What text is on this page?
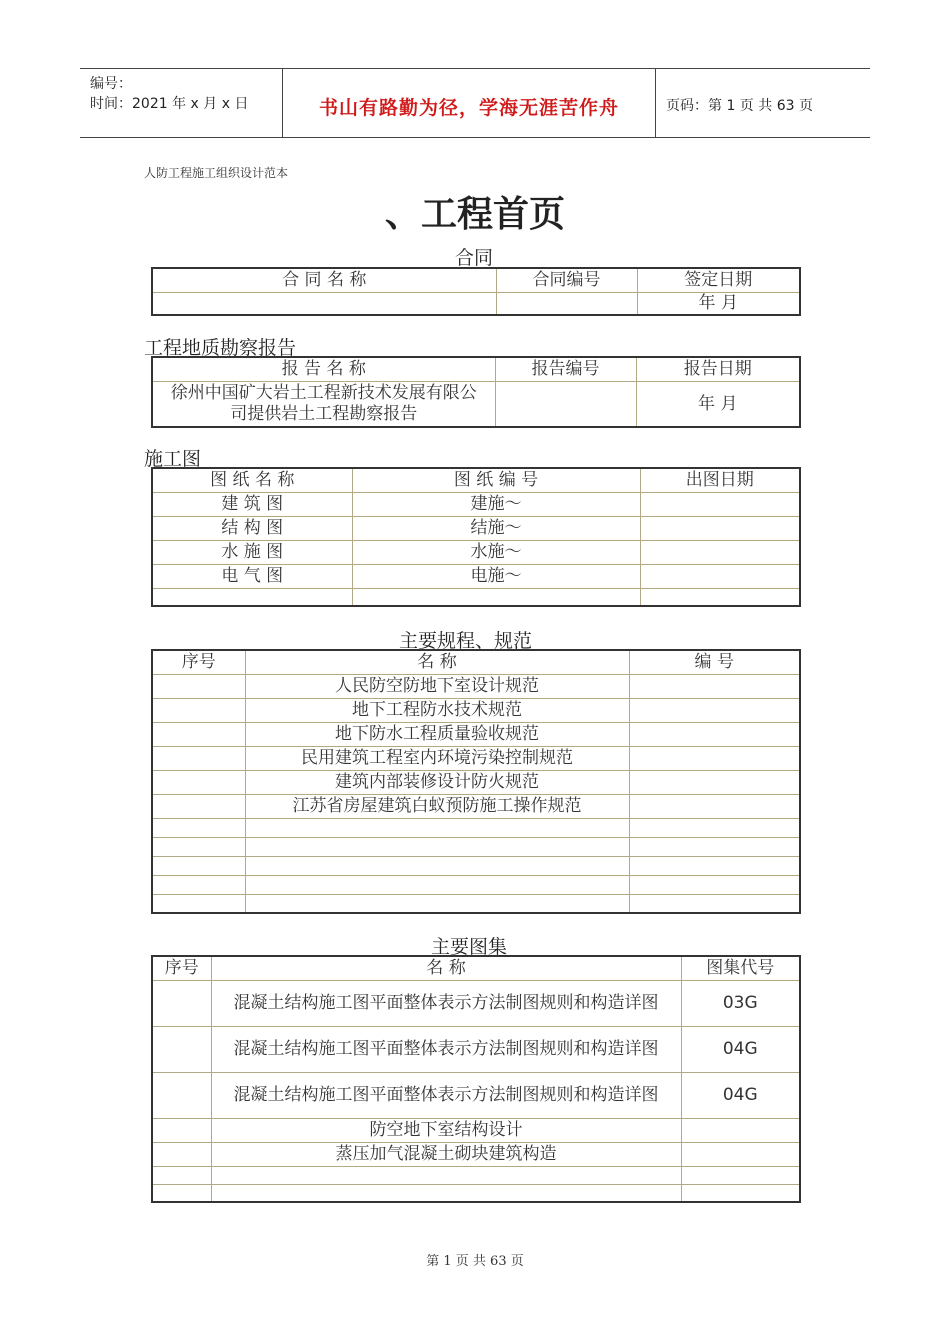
编号：
时间：2021 年 x 月 x 日	书山有路勤为径，学海无涯苦作舟	页码：第 1 页 共 63 页
人防工程施工组织设计范本
、工程首页
合同
合 同 名 称	合同编号	签定日期
		年 月
工程地质勘察报告
报 告 名 称	报告编号	报告日期
徐州中国矿大岩土工程新技术发展有限公司提供岩土工程勘察报告		年 月
施工图
图 纸 名 称	图 纸 编 号	出图日期
建 筑 图	建施～	
结 构 图	结施～	
水 施 图	水施～	
电 气 图	电施～	

主要规程、规范
序号	名 称	编 号
	人民防空防地下室设计规范	
	地下工程防水技术规范	
	地下防水工程质量验收规范	
	民用建筑工程室内环境污染控制规范	
	建筑内部装修设计防火规范	
	江苏省房屋建筑白蚁预防施工操作规范	

主要图集
序号	名 称	图集代号
	混凝土结构施工图平面整体表示方法制图规则和构造详图	03G
	混凝土结构施工图平面整体表示方法制图规则和构造详图	04G
	混凝土结构施工图平面整体表示方法制图规则和构造详图	04G
	防空地下室结构设计	
	蒸压加气混凝土砌块建筑构造	

第 1 页 共 63 页
